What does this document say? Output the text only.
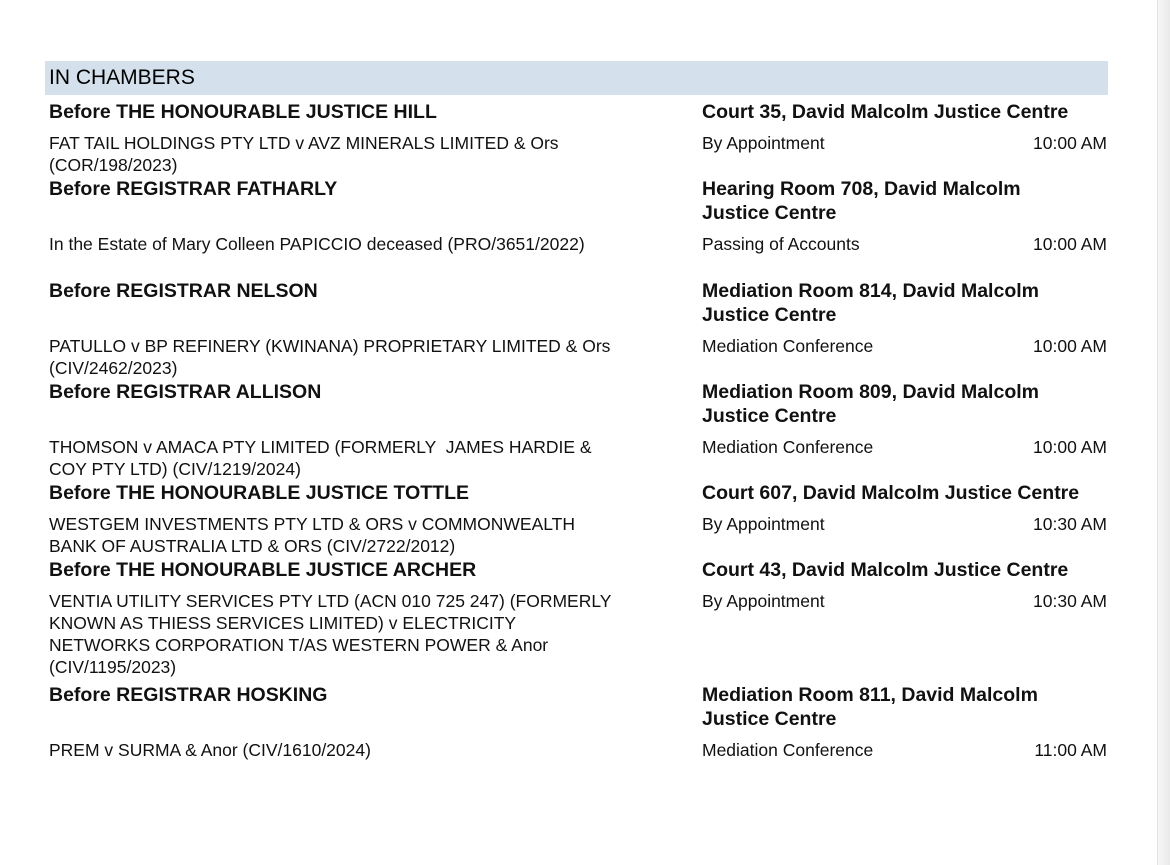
IN CHAMBERS
Before THE HONOURABLE JUSTICE HILL	Court 35, David Malcolm Justice Centre
FAT TAIL HOLDINGS PTY LTD v AVZ MINERALS LIMITED & Ors
(COR/198/2023)
By Appointment	10:00 AM
Before REGISTRAR FATHARLY	Hearing Room 708, David Malcolm
Justice Centre
In the Estate of Mary Colleen PAPICCIO deceased (PRO/3651/2022)	Passing of Accounts	10:00 AM
Before REGISTRAR NELSON	Mediation Room 814, David Malcolm
Justice Centre
PATULLO v BP REFINERY (KWINANA) PROPRIETARY LIMITED & Ors
(CIV/2462/2023)
Mediation Conference	10:00 AM
Before REGISTRAR ALLISON	Mediation Room 809, David Malcolm
Justice Centre
THOMSON v AMACA PTY LIMITED (FORMERLY  JAMES HARDIE &
COY PTY LTD) (CIV/1219/2024)
Mediation Conference	10:00 AM
Before THE HONOURABLE JUSTICE TOTTLE	Court 607, David Malcolm Justice Centre
WESTGEM INVESTMENTS PTY LTD & ORS v COMMONWEALTH
BANK OF AUSTRALIA LTD & ORS (CIV/2722/2012)
By Appointment	10:30 AM
Before THE HONOURABLE JUSTICE ARCHER	Court 43, David Malcolm Justice Centre
VENTIA UTILITY SERVICES PTY LTD (ACN 010 725 247) (FORMERLY
KNOWN AS THIESS SERVICES LIMITED) v ELECTRICITY
NETWORKS CORPORATION T/AS WESTERN POWER & Anor
(CIV/1195/2023)
By Appointment	10:30 AM
Before REGISTRAR HOSKING	Mediation Room 811, David Malcolm
Justice Centre
PREM v SURMA & Anor (CIV/1610/2024)	Mediation Conference	11:00 AM
